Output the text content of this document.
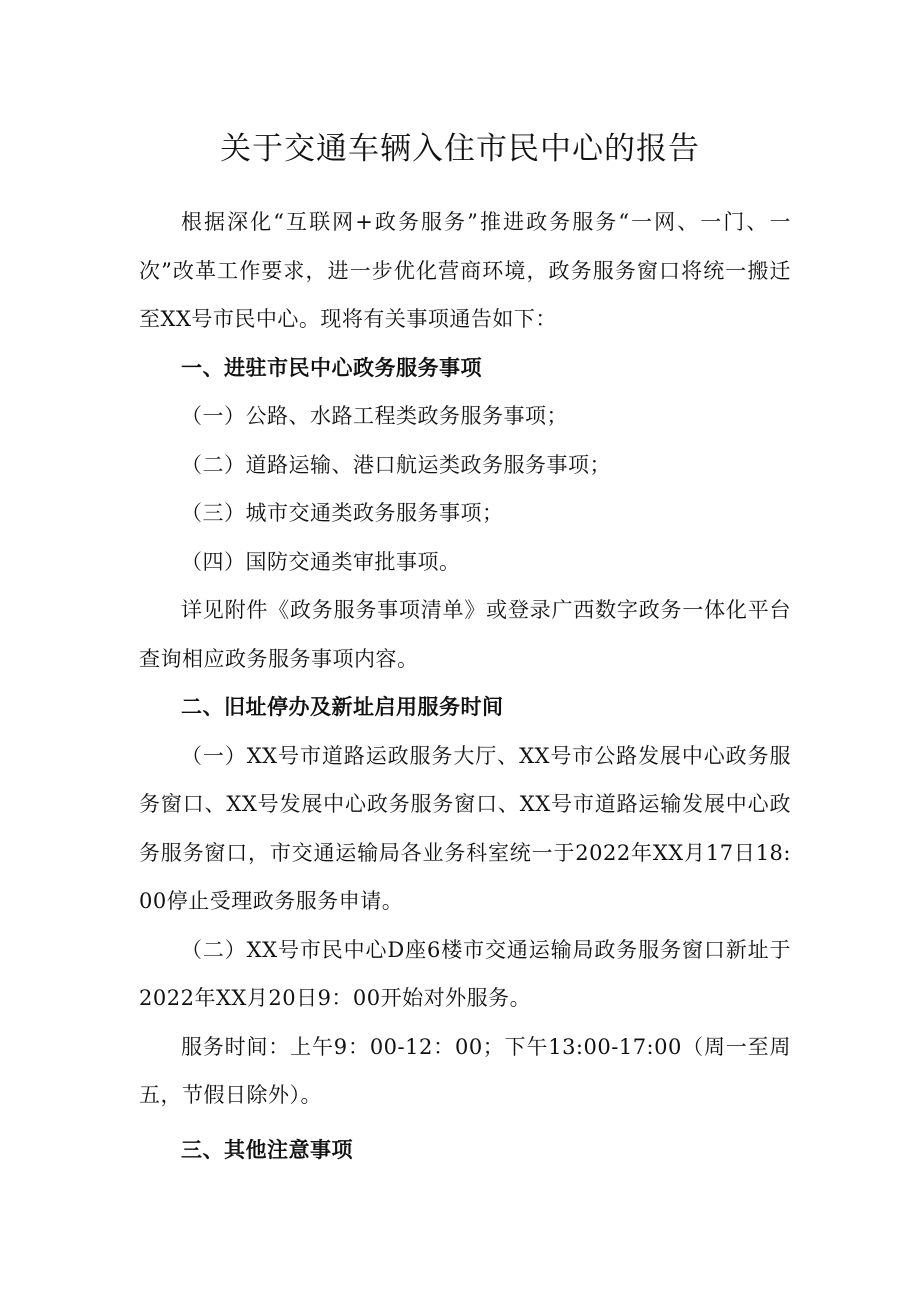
关于交通车辆入住市民中心的报告

根据深化“互联网+政务服务”推进政务服务“一网、一门、一次”改革工作要求，进一步优化营商环境，政务服务窗口将统一搬迁至XX号市民中心。现将有关事项通告如下：

一、进驻市民中心政务服务事项

（一）公路、水路工程类政务服务事项；

（二）道路运输、港口航运类政务服务事项；

（三）城市交通类政务服务事项；

（四）国防交通类审批事项。

详见附件《政务服务事项清单》或登录广西数字政务一体化平台查询相应政务服务事项内容。

二、旧址停办及新址启用服务时间

（一）XX号市道路运政服务大厅、XX号市公路发展中心政务服务窗口、XX号发展中心政务服务窗口、XX号市道路运输发展中心政务服务窗口，市交通运输局各业务科室统一于2022年XX月17日18:00停止受理政务服务申请。

（二）XX号市民中心D座6楼市交通运输局政务服务窗口新址于2022年XX月20日9：00开始对外服务。

服务时间：上午9：00-12：00；下午13:00-17:00（周一至周五，节假日除外）。

三、其他注意事项
